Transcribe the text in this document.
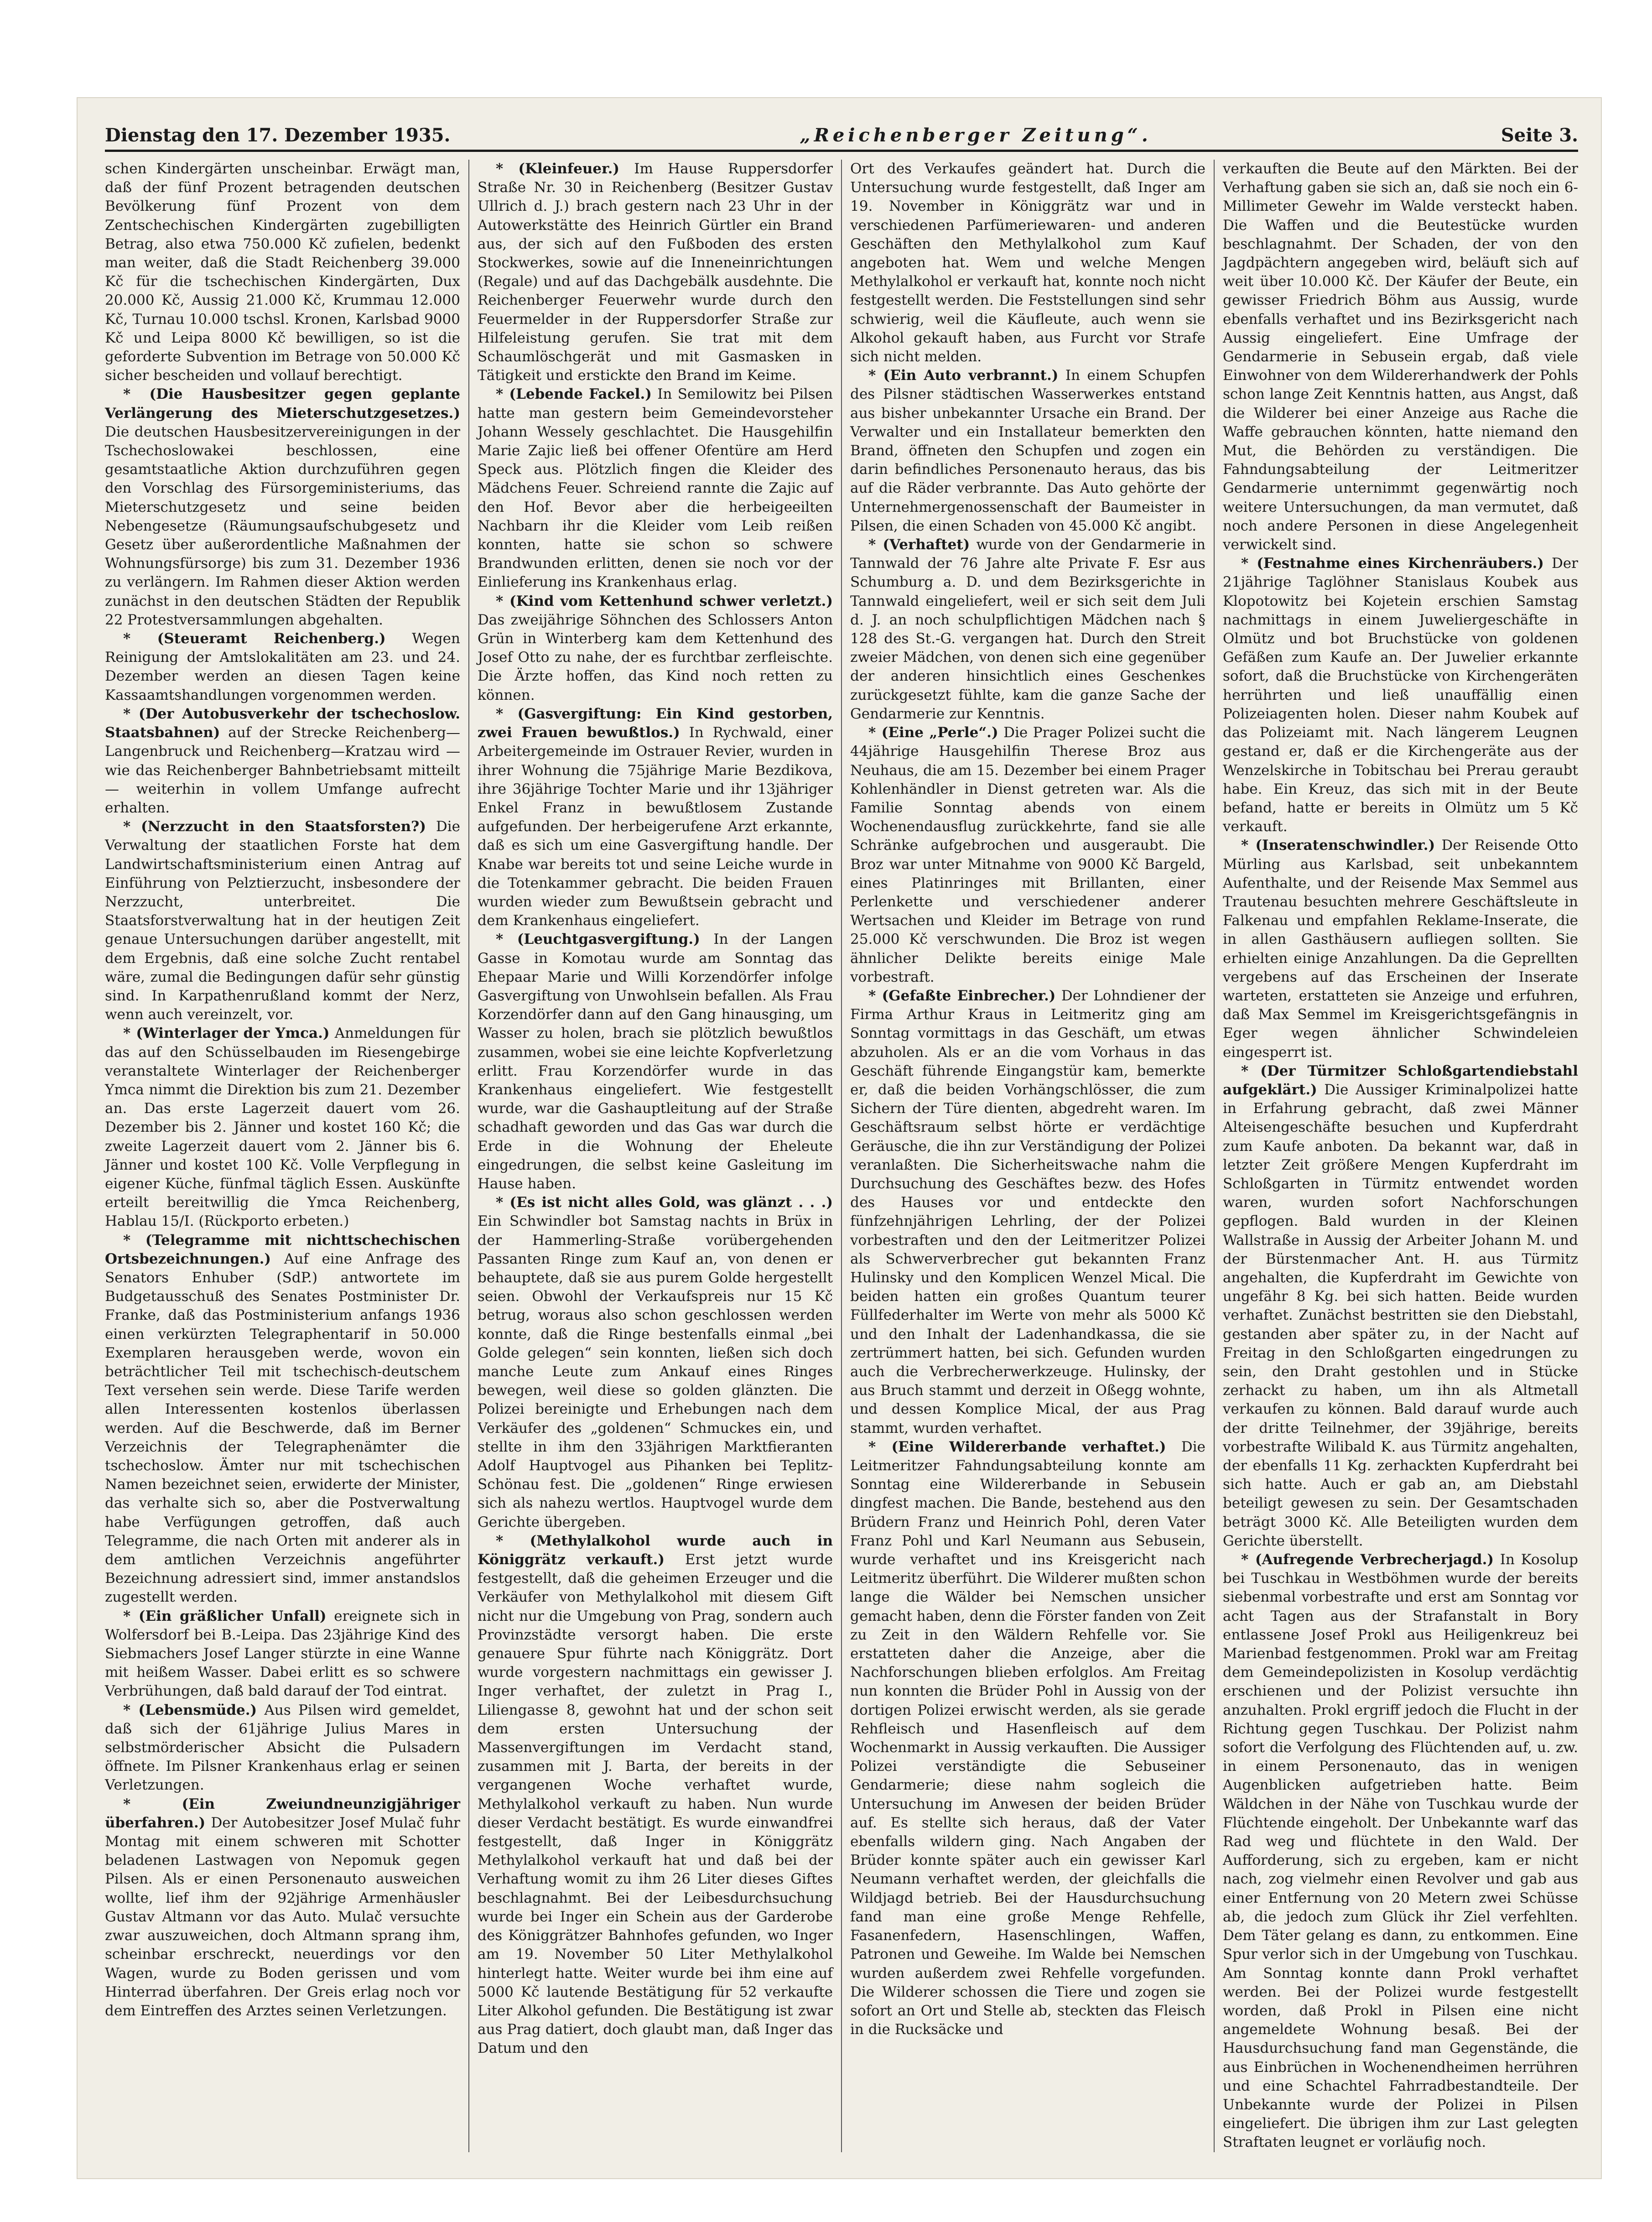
Dienstag den 17. Dezember 1935.	„Reichenberger Zeitung“.	Seite 3.

schen Kindergärten unscheinbar. Erwägt man, daß der fünf Prozent betragenden deutschen Bevölkerung fünf Prozent von dem Zentschechischen Kindergärten zugebilligten Betrag, also etwa 750.000 Kč zufielen, bedenkt man weiter, daß die Stadt Reichenberg 39.000 Kč für die tschechischen Kindergärten, Dux 20.000 Kč, Aussig 21.000 Kč, Krummau 12.000 Kč, Turnau 10.000 tschsl. Kronen, Karlsbad 9000 Kč und Leipa 8000 Kč bewilligen, so ist die geforderte Subvention im Betrage von 50.000 Kč sicher bescheiden und vollauf berechtigt.

* (Die Hausbesitzer gegen geplante Verlängerung des Mieterschutzgesetzes.) Die deutschen Hausbesitzervereinigungen in der Tschechoslowakei beschlossen, eine gesamtstaatliche Aktion durchzuführen gegen den Vorschlag des Fürsorgeministeriums, das Mieterschutzgesetz und seine beiden Nebengesetze (Räumungsaufschubgesetz und Gesetz über außerordentliche Maßnahmen der Wohnungsfürsorge) bis zum 31. Dezember 1936 zu verlängern. Im Rahmen dieser Aktion werden zunächst in den deutschen Städten der Republik 22 Protestversammlungen abgehalten.

* (Steueramt Reichenberg.) Wegen Reinigung der Amtslokalitäten am 23. und 24. Dezember werden an diesen Tagen keine Kassaamtshandlungen vorgenommen werden.

* (Der Autobusverkehr der tschechoslow. Staatsbahnen) auf der Strecke Reichenberg—Langenbruck und Reichenberg—Kratzau wird — wie das Reichenberger Bahnbetriebsamt mitteilt — weiterhin in vollem Umfange aufrecht erhalten.

* (Nerzzucht in den Staatsforsten?) Die Verwaltung der staatlichen Forste hat dem Landwirtschaftsministerium einen Antrag auf Einführung von Pelztierzucht, insbesondere der Nerzzucht, unterbreitet. Die Staatsforstverwaltung hat in der heutigen Zeit genaue Untersuchungen darüber angestellt, mit dem Ergebnis, daß eine solche Zucht rentabel wäre, zumal die Bedingungen dafür sehr günstig sind. In Karpathenrußland kommt der Nerz, wenn auch vereinzelt, vor.

* (Winterlager der Ymca.) Anmeldungen für das auf den Schüsselbauden im Riesengebirge veranstaltete Winterlager der Reichenberger Ymca nimmt die Direktion bis zum 21. Dezember an. Das erste Lagerzeit dauert vom 26. Dezember bis 2. Jänner und kostet 160 Kč; die zweite Lagerzeit dauert vom 2. Jänner bis 6. Jänner und kostet 100 Kč. Volle Verpflegung in eigener Küche, fünfmal täglich Essen. Auskünfte erteilt bereitwillig die Ymca Reichenberg, Hablau 15/I. (Rückporto erbeten.)

* (Telegramme mit nichttschechischen Ortsbezeichnungen.) Auf eine Anfrage des Senators Enhuber (SdP.) antwortete im Budgetausschuß des Senates Postminister Dr. Franke, daß das Postministerium anfangs 1936 einen verkürzten Telegraphentarif in 50.000 Exemplaren herausgeben werde, wovon ein beträchtlicher Teil mit tschechisch-deutschem Text versehen sein werde. Diese Tarife werden allen Interessenten kostenlos überlassen werden. Auf die Beschwerde, daß im Berner Verzeichnis der Telegraphenämter die tschechoslow. Ämter nur mit tschechischen Namen bezeichnet seien, erwiderte der Minister, das verhalte sich so, aber die Postverwaltung habe Verfügungen getroffen, daß auch Telegramme, die nach Orten mit anderer als in dem amtlichen Verzeichnis angeführter Bezeichnung adressiert sind, immer anstandslos zugestellt werden.

* (Ein gräßlicher Unfall) ereignete sich in Wolfersdorf bei B.-Leipa. Das 23jährige Kind des Siebmachers Josef Langer stürzte in eine Wanne mit heißem Wasser. Dabei erlitt es so schwere Verbrühungen, daß bald darauf der Tod eintrat.

* (Lebensmüde.) Aus Pilsen wird gemeldet, daß sich der 61jährige Julius Mares in selbstmörderischer Absicht die Pulsadern öffnete. Im Pilsner Krankenhaus erlag er seinen Verletzungen.

* (Ein Zweiundneunzigjähriger überfahren.) Der Autobesitzer Josef Mulač fuhr Montag mit einem schweren mit Schotter beladenen Lastwagen von Nepomuk gegen Pilsen. Als er einen Personenauto ausweichen wollte, lief ihm der 92jährige Armenhäusler Gustav Altmann vor das Auto. Mulač versuchte zwar auszuweichen, doch Altmann sprang ihm, scheinbar erschreckt, neuerdings vor den Wagen, wurde zu Boden gerissen und vom Hinterrad überfahren. Der Greis erlag noch vor dem Eintreffen des Arztes seinen Verletzungen.

* (Kleinfeuer.) Im Hause Ruppersdorfer Straße Nr. 30 in Reichenberg (Besitzer Gustav Ullrich d. J.) brach gestern nach 23 Uhr in der Autowerkstätte des Heinrich Gürtler ein Brand aus, der sich auf den Fußboden des ersten Stockwerkes, sowie auf die Inneneinrichtungen (Regale) und auf das Dachgebälk ausdehnte. Die Reichenberger Feuerwehr wurde durch den Feuermelder in der Ruppersdorfer Straße zur Hilfeleistung gerufen. Sie trat mit dem Schaumlöschgerät und mit Gasmasken in Tätigkeit und erstickte den Brand im Keime.

* (Lebende Fackel.) In Semilowitz bei Pilsen hatte man gestern beim Gemeindevorsteher Johann Wessely geschlachtet. Die Hausgehilfin Marie Zajic ließ bei offener Ofentüre am Herd Speck aus. Plötzlich fingen die Kleider des Mädchens Feuer. Schreiend rannte die Zajic auf den Hof. Bevor aber die herbeigeeilten Nachbarn ihr die Kleider vom Leib reißen konnten, hatte sie schon so schwere Brandwunden erlitten, denen sie noch vor der Einlieferung ins Krankenhaus erlag.

* (Kind vom Kettenhund schwer verletzt.) Das zweijährige Söhnchen des Schlossers Anton Grün in Winterberg kam dem Kettenhund des Josef Otto zu nahe, der es furchtbar zerfleischte. Die Ärzte hoffen, das Kind noch retten zu können.

* (Gasvergiftung: Ein Kind gestorben, zwei Frauen bewußtlos.) In Rychwald, einer Arbeitergemeinde im Ostrauer Revier, wurden in ihrer Wohnung die 75jährige Marie Bezdikova, ihre 36jährige Tochter Marie und ihr 13jähriger Enkel Franz in bewußtlosem Zustande aufgefunden. Der herbeigerufene Arzt erkannte, daß es sich um eine Gasvergiftung handle. Der Knabe war bereits tot und seine Leiche wurde in die Totenkammer gebracht. Die beiden Frauen wurden wieder zum Bewußtsein gebracht und dem Krankenhaus eingeliefert.

* (Leuchtgasvergiftung.) In der Langen Gasse in Komotau wurde am Sonntag das Ehepaar Marie und Willi Korzendörfer infolge Gasvergiftung von Unwohlsein befallen. Als Frau Korzendörfer dann auf den Gang hinausging, um Wasser zu holen, brach sie plötzlich bewußtlos zusammen, wobei sie eine leichte Kopfverletzung erlitt. Frau Korzendörfer wurde in das Krankenhaus eingeliefert. Wie festgestellt wurde, war die Gashauptleitung auf der Straße schadhaft geworden und das Gas war durch die Erde in die Wohnung der Eheleute eingedrungen, die selbst keine Gasleitung im Hause haben.

* (Es ist nicht alles Gold, was glänzt . . .) Ein Schwindler bot Samstag nachts in Brüx in der Hammerling-Straße vorübergehenden Passanten Ringe zum Kauf an, von denen er behauptete, daß sie aus purem Golde hergestellt seien. Obwohl der Verkaufspreis nur 15 Kč betrug, woraus also schon geschlossen werden konnte, daß die Ringe bestenfalls einmal „bei Golde gelegen“ sein konnten, ließen sich doch manche Leute zum Ankauf eines Ringes bewegen, weil diese so golden glänzten. Die Polizei bereinigte und Erhebungen nach dem Verkäufer des „goldenen“ Schmuckes ein, und stellte in ihm den 33jährigen Marktfieranten Adolf Hauptvogel aus Pihanken bei Teplitz-Schönau fest. Die „goldenen“ Ringe erwiesen sich als nahezu wertlos. Hauptvogel wurde dem Gerichte übergeben.

* (Methylalkohol wurde auch in Königgrätz verkauft.) Erst jetzt wurde festgestellt, daß die geheimen Erzeuger und die Verkäufer von Methylalkohol mit diesem Gift nicht nur die Umgebung von Prag, sondern auch Provinzstädte versorgt haben. Die erste genauere Spur führte nach Königgrätz. Dort wurde vorgestern nachmittags ein gewisser J. Inger verhaftet, der zuletzt in Prag I., Liliengasse 8, gewohnt hat und der schon seit dem ersten Untersuchung der Massenvergiftungen im Verdacht stand, zusammen mit J. Barta, der bereits in der vergangenen Woche verhaftet wurde, Methylalkohol verkauft zu haben. Nun wurde dieser Verdacht bestätigt. Es wurde einwandfrei festgestellt, daß Inger in Königgrätz Methylalkohol verkauft hat und daß bei der Verhaftung womit zu ihm 26 Liter dieses Giftes beschlagnahmt. Bei der Leibesdurchsuchung wurde bei Inger ein Schein aus der Garderobe des Königgrätzer Bahnhofes gefunden, wo Inger am 19. November 50 Liter Methylalkohol hinterlegt hatte. Weiter wurde bei ihm eine auf 5000 Kč lautende Bestätigung für 52 verkaufte Liter Alkohol gefunden. Die Bestätigung ist zwar aus Prag datiert, doch glaubt man, daß Inger das Datum und den

Ort des Verkaufes geändert hat. Durch die Untersuchung wurde festgestellt, daß Inger am 19. November in Königgrätz war und in verschiedenen Parfümeriewaren- und anderen Geschäften den Methylalkohol zum Kauf angeboten hat. Wem und welche Mengen Methylalkohol er verkauft hat, konnte noch nicht festgestellt werden. Die Feststellungen sind sehr schwierig, weil die Käufleute, auch wenn sie Alkohol gekauft haben, aus Furcht vor Strafe sich nicht melden.

* (Ein Auto verbrannt.) In einem Schupfen des Pilsner städtischen Wasserwerkes entstand aus bisher unbekannter Ursache ein Brand. Der Verwalter und ein Installateur bemerkten den Brand, öffneten den Schupfen und zogen ein darin befindliches Personenauto heraus, das bis auf die Räder verbrannte. Das Auto gehörte der Unternehmergenossenschaft der Baumeister in Pilsen, die einen Schaden von 45.000 Kč angibt.

* (Verhaftet) wurde von der Gendarmerie in Tannwald der 76 Jahre alte Private F. Esr aus Schumburg a. D. und dem Bezirksgerichte in Tannwald eingeliefert, weil er sich seit dem Juli d. J. an noch schulpflichtigen Mädchen nach § 128 des St.-G. vergangen hat. Durch den Streit zweier Mädchen, von denen sich eine gegenüber der anderen hinsichtlich eines Geschenkes zurückgesetzt fühlte, kam die ganze Sache der Gendarmerie zur Kenntnis.

* (Eine „Perle“.) Die Prager Polizei sucht die 44jährige Hausgehilfin Therese Broz aus Neuhaus, die am 15. Dezember bei einem Prager Kohlenhändler in Dienst getreten war. Als die Familie Sonntag abends von einem Wochenendausflug zurückkehrte, fand sie alle Schränke aufgebrochen und ausgeraubt. Die Broz war unter Mitnahme von 9000 Kč Bargeld, eines Platinringes mit Brillanten, einer Perlenkette und verschiedener anderer Wertsachen und Kleider im Betrage von rund 25.000 Kč verschwunden. Die Broz ist wegen ähnlicher Delikte bereits einige Male vorbestraft.

* (Gefaßte Einbrecher.) Der Lohndiener der Firma Arthur Kraus in Leitmeritz ging am Sonntag vormittags in das Geschäft, um etwas abzuholen. Als er an die vom Vorhaus in das Geschäft führende Eingangstür kam, bemerkte er, daß die beiden Vorhängschlösser, die zum Sichern der Türe dienten, abgedreht waren. Im Geschäftsraum selbst hörte er verdächtige Geräusche, die ihn zur Verständigung der Polizei veranlaßten. Die Sicherheitswache nahm die Durchsuchung des Geschäftes bezw. des Hofes des Hauses vor und entdeckte den fünfzehnjährigen Lehrling, der der Polizei vorbestraften und den der Leitmeritzer Polizei als Schwerverbrecher gut bekannten Franz Hulinsky und den Komplicen Wenzel Mical. Die beiden hatten ein großes Quantum teurer Füllfederhalter im Werte von mehr als 5000 Kč und den Inhalt der Ladenhandkassa, die sie zertrümmert hatten, bei sich. Gefunden wurden auch die Verbrecherwerkzeuge. Hulinsky, der aus Bruch stammt und derzeit in Oßegg wohnte, und dessen Komplice Mical, der aus Prag stammt, wurden verhaftet.

* (Eine Wildererbande verhaftet.) Die Leitmeritzer Fahndungsabteilung konnte am Sonntag eine Wildererbande in Sebusein dingfest machen. Die Bande, bestehend aus den Brüdern Franz und Heinrich Pohl, deren Vater Franz Pohl und Karl Neumann aus Sebusein, wurde verhaftet und ins Kreisgericht nach Leitmeritz überführt. Die Wilderer mußten schon lange die Wälder bei Nemschen unsicher gemacht haben, denn die Förster fanden von Zeit zu Zeit in den Wäldern Rehfelle vor. Sie erstatteten daher die Anzeige, aber die Nachforschungen blieben erfolglos. Am Freitag nun konnten die Brüder Pohl in Aussig von der dortigen Polizei erwischt werden, als sie gerade Rehfleisch und Hasenfleisch auf dem Wochenmarkt in Aussig verkauften. Die Aussiger Polizei verständigte die Sebuseiner Gendarmerie; diese nahm sogleich die Untersuchung im Anwesen der beiden Brüder auf. Es stellte sich heraus, daß der Vater ebenfalls wildern ging. Nach Angaben der Brüder konnte später auch ein gewisser Karl Neumann verhaftet werden, der gleichfalls die Wildjagd betrieb. Bei der Hausdurchsuchung fand man eine große Menge Rehfelle, Fasanenfedern, Hasenschlingen, Waffen, Patronen und Geweihe. Im Walde bei Nemschen wurden außerdem zwei Rehfelle vorgefunden. Die Wilderer schossen die Tiere und zogen sie sofort an Ort und Stelle ab, steckten das Fleisch in die Rucksäcke und

verkauften die Beute auf den Märkten. Bei der Verhaftung gaben sie sich an, daß sie noch ein 6-Millimeter Gewehr im Walde versteckt haben. Die Waffen und die Beutestücke wurden beschlagnahmt. Der Schaden, der von den Jagdpächtern angegeben wird, beläuft sich auf weit über 10.000 Kč. Der Käufer der Beute, ein gewisser Friedrich Böhm aus Aussig, wurde ebenfalls verhaftet und ins Bezirksgericht nach Aussig eingeliefert. Eine Umfrage der Gendarmerie in Sebusein ergab, daß viele Einwohner von dem Wildererhandwerk der Pohls schon lange Zeit Kenntnis hatten, aus Angst, daß die Wilderer bei einer Anzeige aus Rache die Waffe gebrauchen könnten, hatte niemand den Mut, die Behörden zu verständigen. Die Fahndungsabteilung der Leitmeritzer Gendarmerie unternimmt gegenwärtig noch weitere Untersuchungen, da man vermutet, daß noch andere Personen in diese Angelegenheit verwickelt sind.

* (Festnahme eines Kirchenräubers.) Der 21jährige Taglöhner Stanislaus Koubek aus Klopotowitz bei Kojetein erschien Samstag nachmittags in einem Juweliergeschäfte in Olmütz und bot Bruchstücke von goldenen Gefäßen zum Kaufe an. Der Juwelier erkannte sofort, daß die Bruchstücke von Kirchengeräten herrührten und ließ unauffällig einen Polizeiagenten holen. Dieser nahm Koubek auf das Polizeiamt mit. Nach längerem Leugnen gestand er, daß er die Kirchengeräte aus der Wenzelskirche in Tobitschau bei Prerau geraubt habe. Ein Kreuz, das sich mit in der Beute befand, hatte er bereits in Olmütz um 5 Kč verkauft.

* (Inseratenschwindler.) Der Reisende Otto Mürling aus Karlsbad, seit unbekanntem Aufenthalte, und der Reisende Max Semmel aus Trautenau besuchten mehrere Geschäftsleute in Falkenau und empfahlen Reklame-Inserate, die in allen Gasthäusern aufliegen sollten. Sie erhielten einige Anzahlungen. Da die Geprellten vergebens auf das Erscheinen der Inserate warteten, erstatteten sie Anzeige und erfuhren, daß Max Semmel im Kreisgerichtsgefängnis in Eger wegen ähnlicher Schwindeleien eingesperrt ist.

* (Der Türmitzer Schloßgartendiebstahl aufgeklärt.) Die Aussiger Kriminalpolizei hatte in Erfahrung gebracht, daß zwei Männer Alteisengeschäfte besuchen und Kupferdraht zum Kaufe anboten. Da bekannt war, daß in letzter Zeit größere Mengen Kupferdraht im Schloßgarten in Türmitz entwendet worden waren, wurden sofort Nachforschungen gepflogen. Bald wurden in der Kleinen Wallstraße in Aussig der Arbeiter Johann M. und der Bürstenmacher Ant. H. aus Türmitz angehalten, die Kupferdraht im Gewichte von ungefähr 8 Kg. bei sich hatten. Beide wurden verhaftet. Zunächst bestritten sie den Diebstahl, gestanden aber später zu, in der Nacht auf Freitag in den Schloßgarten eingedrungen zu sein, den Draht gestohlen und in Stücke zerhackt zu haben, um ihn als Altmetall verkaufen zu können. Bald darauf wurde auch der dritte Teilnehmer, der 39jährige, bereits vorbestrafte Wilibald K. aus Türmitz angehalten, der ebenfalls 11 Kg. zerhackten Kupferdraht bei sich hatte. Auch er gab an, am Diebstahl beteiligt gewesen zu sein. Der Gesamtschaden beträgt 3000 Kč. Alle Beteiligten wurden dem Gerichte überstellt.

* (Aufregende Verbrecherjagd.) In Kosolup bei Tuschkau in Westböhmen wurde der bereits siebenmal vorbestrafte und erst am Sonntag vor acht Tagen aus der Strafanstalt in Bory entlassene Josef Prokl aus Heiligenkreuz bei Marienbad festgenommen. Prokl war am Freitag dem Gemeindepolizisten in Kosolup verdächtig erschienen und der Polizist versuchte ihn anzuhalten. Prokl ergriff jedoch die Flucht in der Richtung gegen Tuschkau. Der Polizist nahm sofort die Verfolgung des Flüchtenden auf, u. zw. in einem Personenauto, das in wenigen Augenblicken aufgetrieben hatte. Beim Wäldchen in der Nähe von Tuschkau wurde der Flüchtende eingeholt. Der Unbekannte warf das Rad weg und flüchtete in den Wald. Der Aufforderung, sich zu ergeben, kam er nicht nach, zog vielmehr einen Revolver und gab aus einer Entfernung von 20 Metern zwei Schüsse ab, die jedoch zum Glück ihr Ziel verfehlten. Dem Täter gelang es dann, zu entkommen. Eine Spur verlor sich in der Umgebung von Tuschkau. Am Sonntag konnte dann Prokl verhaftet werden. Bei der Polizei wurde festgestellt worden, daß Prokl in Pilsen eine nicht angemeldete Wohnung besaß. Bei der Hausdurchsuchung fand man Gegenstände, die aus Einbrüchen in Wochenendheimen herrühren und eine Schachtel Fahrradbestandteile. Der Unbekannte wurde der Polizei in Pilsen eingeliefert. Die übrigen ihm zur Last gelegten Straftaten leugnet er vorläufig noch.
